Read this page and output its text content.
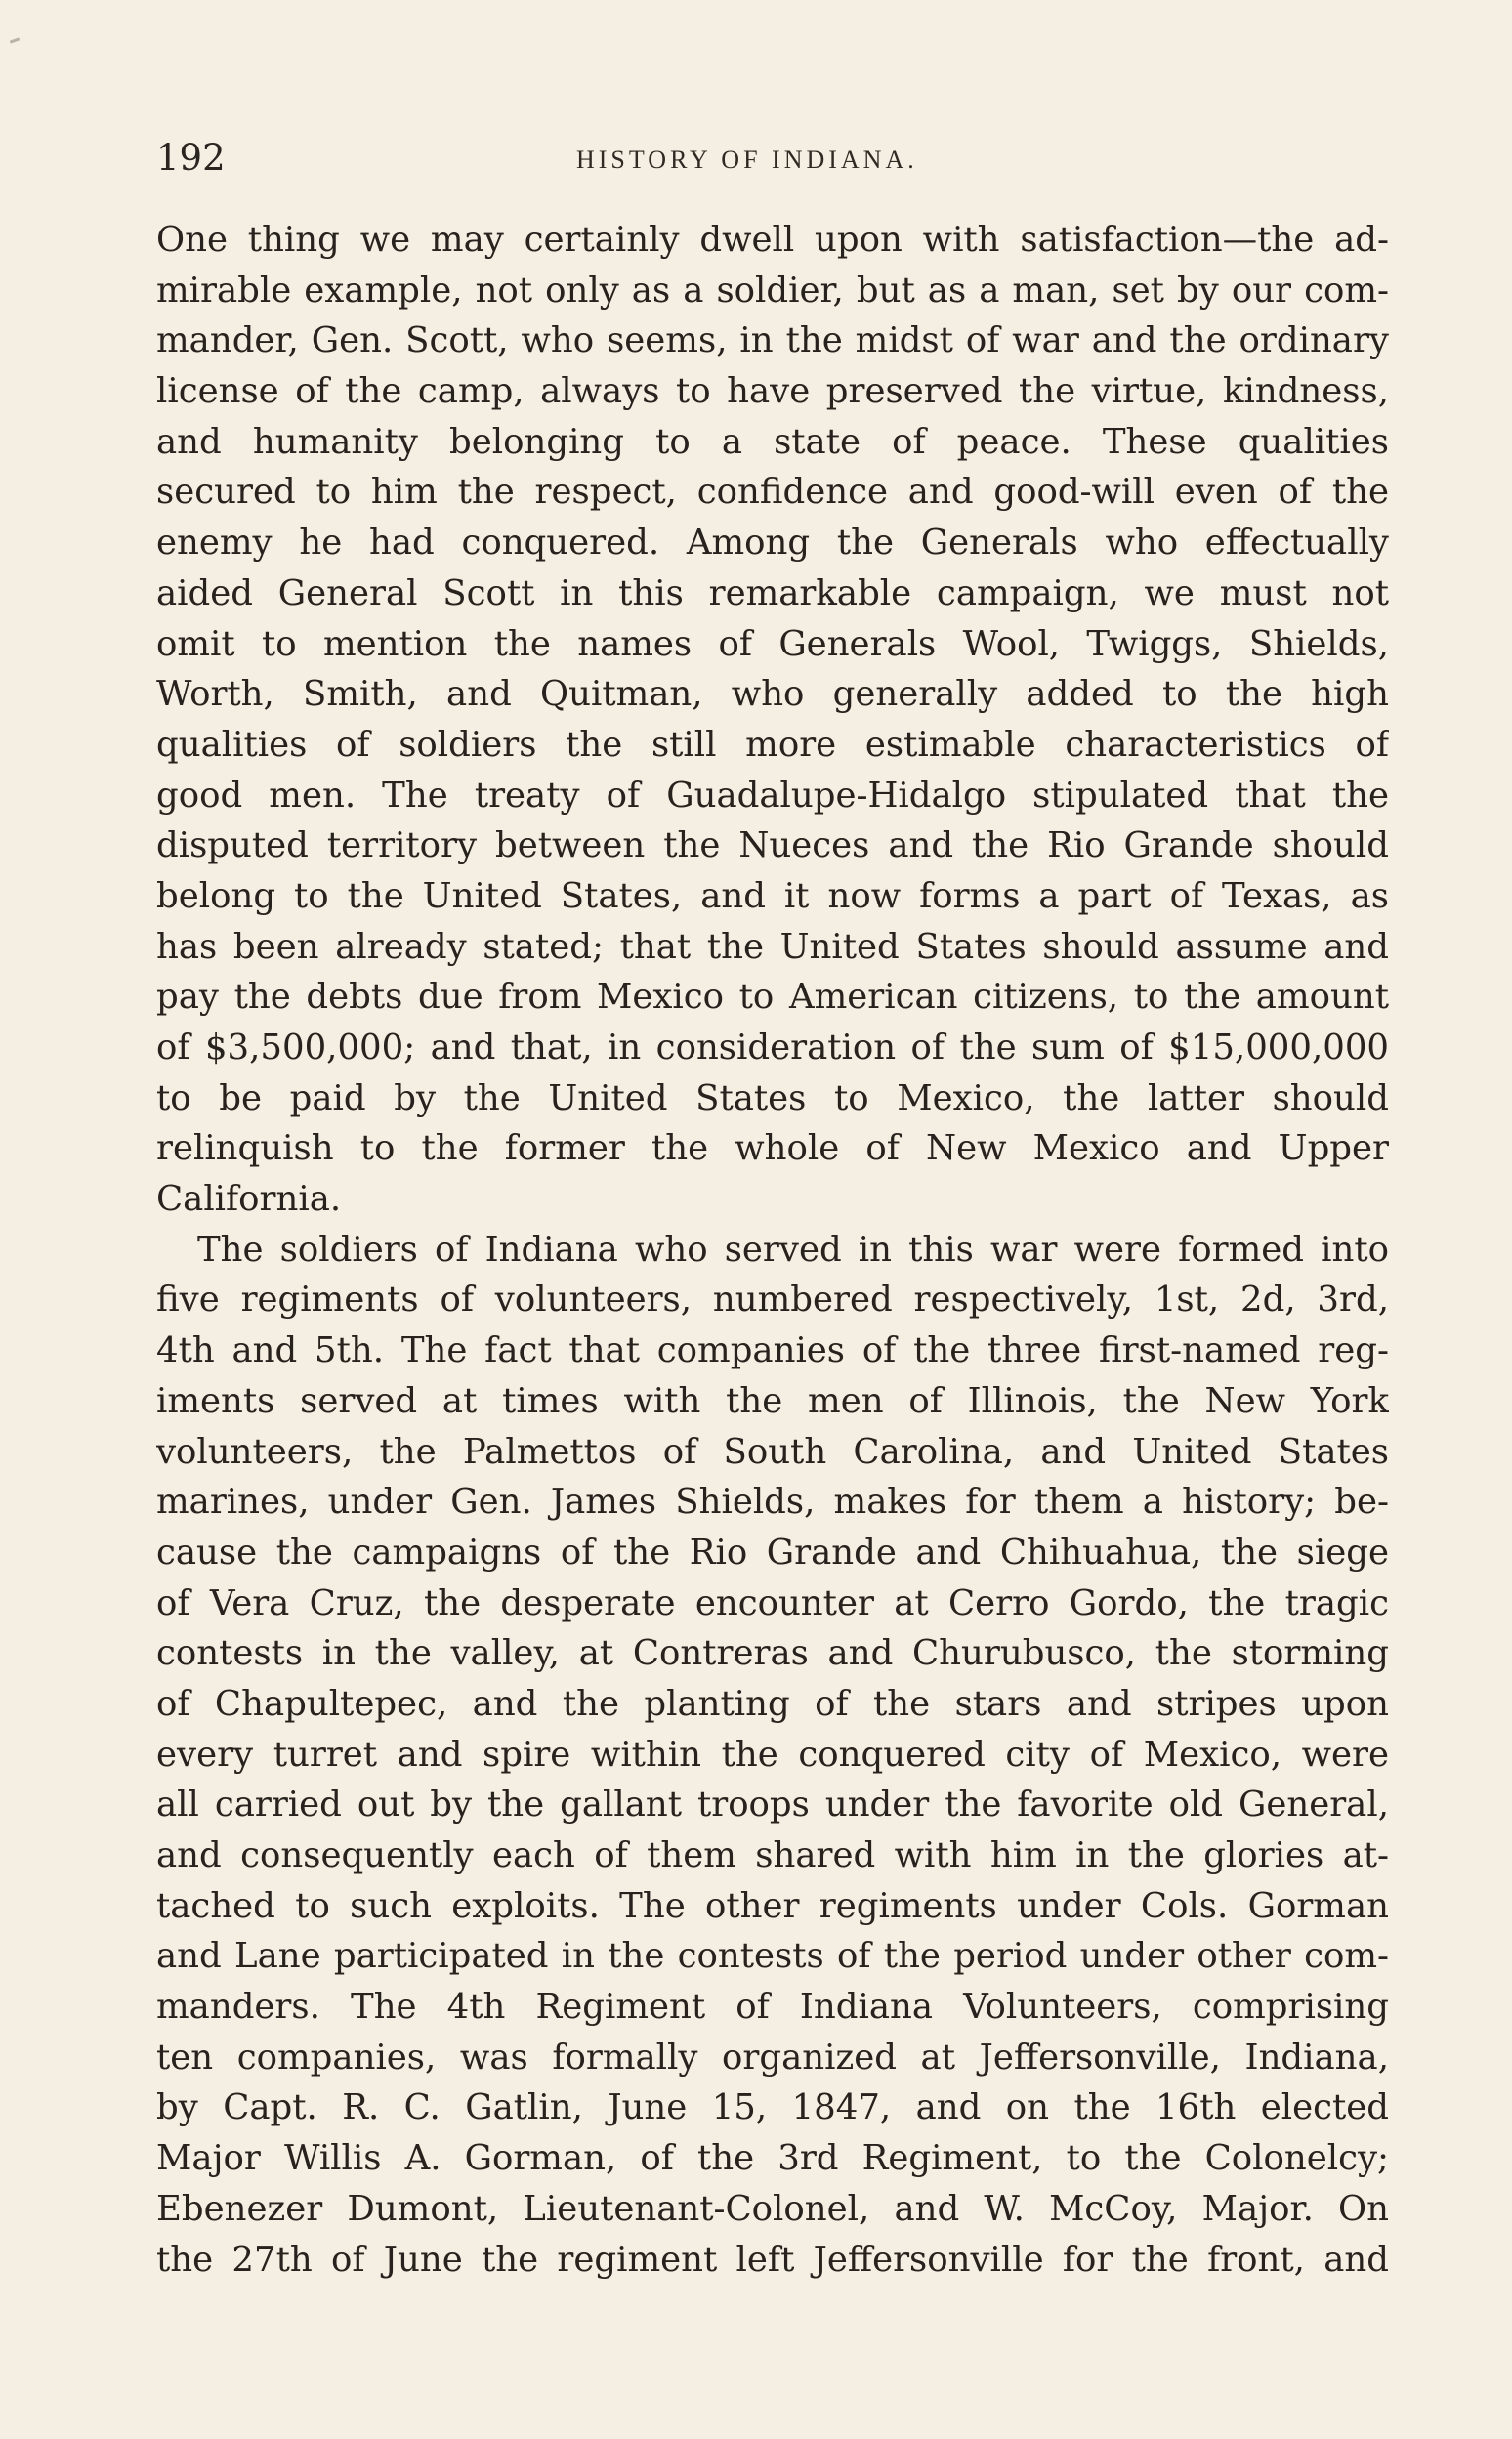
192	HISTORY OF INDIANA.
One thing we may certainly dwell upon with satisfaction—the ad-
mirable example, not only as a soldier, but as a man, set by our com-
mander, Gen. Scott, who seems, in the midst of war and the ordinary
license of the camp, always to have preserved the virtue, kindness,
and humanity belonging to a state of peace. These qualities
secured to him the respect, confidence and good-will even of the
enemy he had conquered. Among the Generals who effectually
aided General Scott in this remarkable campaign, we must not
omit to mention the names of Generals Wool, Twiggs, Shields,
Worth, Smith, and Quitman, who generally added to the high
qualities of soldiers the still more estimable characteristics of
good men. The treaty of Guadalupe-Hidalgo stipulated that the
disputed territory between the Nueces and the Rio Grande should
belong to the United States, and it now forms a part of Texas, as
has been already stated; that the United States should assume and
pay the debts due from Mexico to American citizens, to the amount
of $3,500,000; and that, in consideration of the sum of $15,000,000
to be paid by the United States to Mexico, the latter should
relinquish to the former the whole of New Mexico and Upper
California.
The soldiers of Indiana who served in this war were formed into
five regiments of volunteers, numbered respectively, 1st, 2d, 3rd,
4th and 5th. The fact that companies of the three first-named reg-
iments served at times with the men of Illinois, the New York
volunteers, the Palmettos of South Carolina, and United States
marines, under Gen. James Shields, makes for them a history; be-
cause the campaigns of the Rio Grande and Chihuahua, the siege
of Vera Cruz, the desperate encounter at Cerro Gordo, the tragic
contests in the valley, at Contreras and Churubusco, the storming
of Chapultepec, and the planting of the stars and stripes upon
every turret and spire within the conquered city of Mexico, were
all carried out by the gallant troops under the favorite old General,
and consequently each of them shared with him in the glories at-
tached to such exploits. The other regiments under Cols. Gorman
and Lane participated in the contests of the period under other com-
manders. The 4th Regiment of Indiana Volunteers, comprising
ten companies, was formally organized at Jeffersonville, Indiana,
by Capt. R. C. Gatlin, June 15, 1847, and on the 16th elected
Major Willis A. Gorman, of the 3rd Regiment, to the Colonelcy;
Ebenezer Dumont, Lieutenant-Colonel, and W. McCoy, Major. On
the 27th of June the regiment left Jeffersonville for the front, and
